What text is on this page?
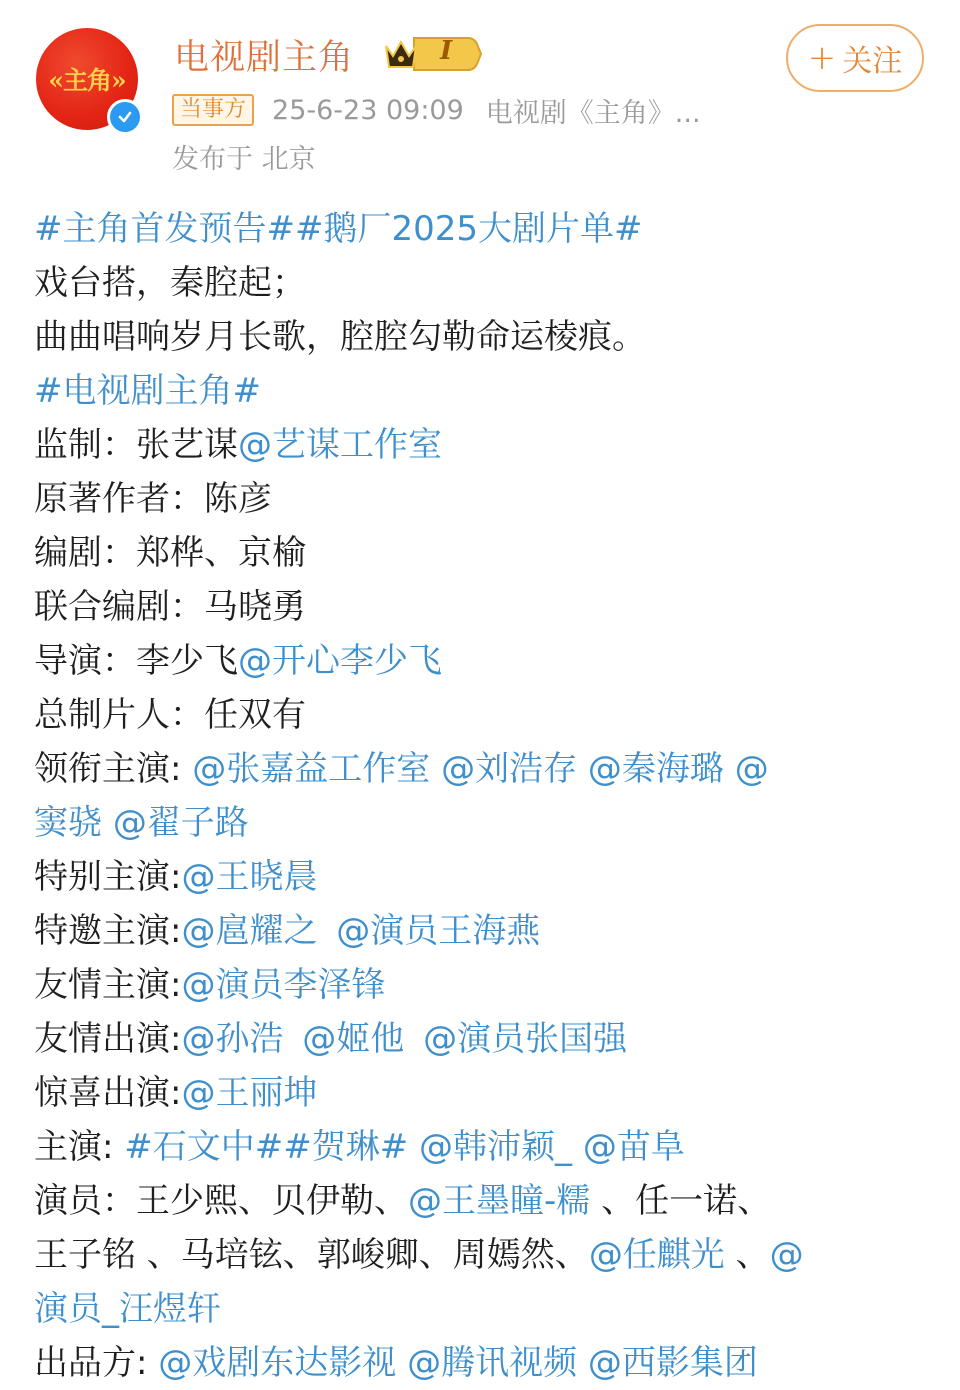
«主角»
电视剧主角	I
当事方 25-6-23 09:09 电视剧《主角》...
发布于 北京
+ 关注
#主角首发预告##鹅厂2025大剧片单#
戏台搭，秦腔起；
曲曲唱响岁月长歌，腔腔勾勒命运棱痕。
#电视剧主角#
监制：张艺谋@艺谋工作室
原著作者：陈彦
编剧：郑桦、京榆
联合编剧：马晓勇
导演：李少飞@开心李少飞
总制片人：任双有
领衔主演: @张嘉益工作室 @刘浩存 @秦海璐 @
窦骁 @翟子路
特别主演:@王晓晨
特邀主演:@扈耀之 @演员王海燕
友情主演:@演员李泽锋
友情出演:@孙浩 @姬他 @演员张国强
惊喜出演:@王丽坤
主演: #石文中##贺琳# @韩沛颖_ @苗阜
演员：王少熙、贝伊勒、@王墨瞳-糯 、任一诺、
王子铭 、马培铉、郭峻卿、周嫣然、@任麒光 、@
演员_汪煜轩
出品方: @戏剧东达影视 @腾讯视频 @西影集团
